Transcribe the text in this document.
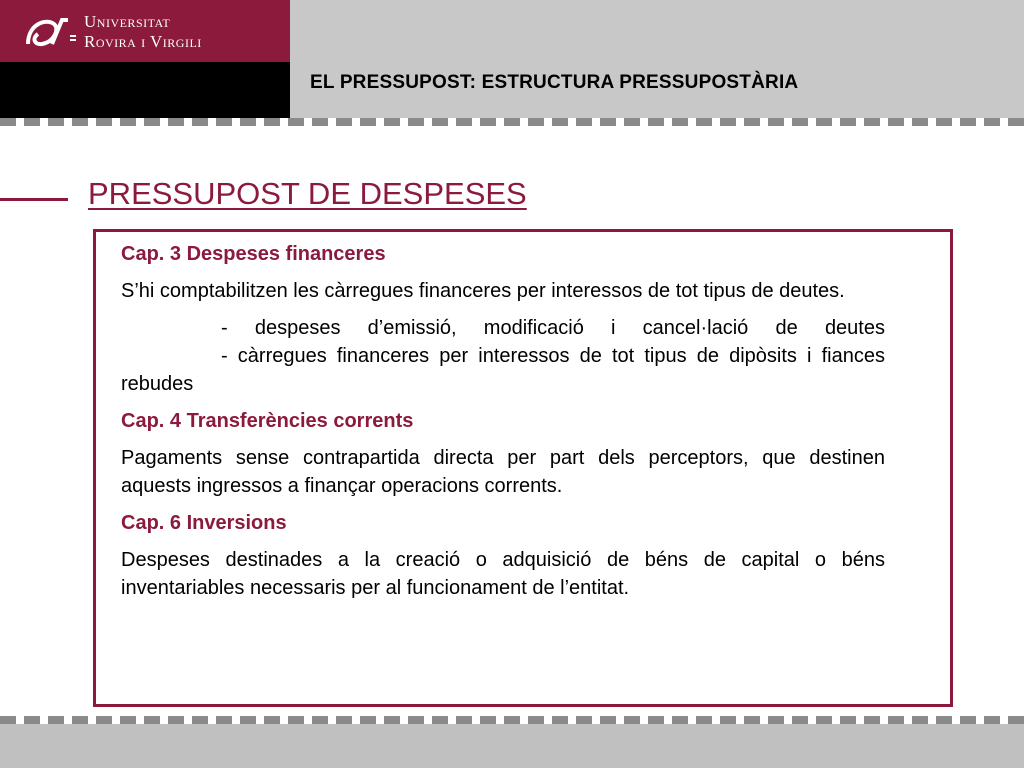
Universitat
Rovira i Virgili
EL PRESSUPOST: ESTRUCTURA PRESSUPOSTÀRIA
PRESSUPOST DE DESPESES
Cap. 3 Despeses financeres

S’hi comptabilitzen les càrregues financeres per interessos de tot tipus de deutes.

- despeses d’emissió, modificació i cancel·lació de deutes
- càrregues financeres per interessos de tot tipus de dipòsits i fiances rebudes
Cap. 4 Transferències corrents

Pagaments sense contrapartida directa per part dels perceptors, que destinen aquests ingressos a finançar operacions corrents.

Cap. 6 Inversions

Despeses destinades a la creació o adquisició de béns de capital o béns inventariables necessaris per al funcionament de l’entitat.
